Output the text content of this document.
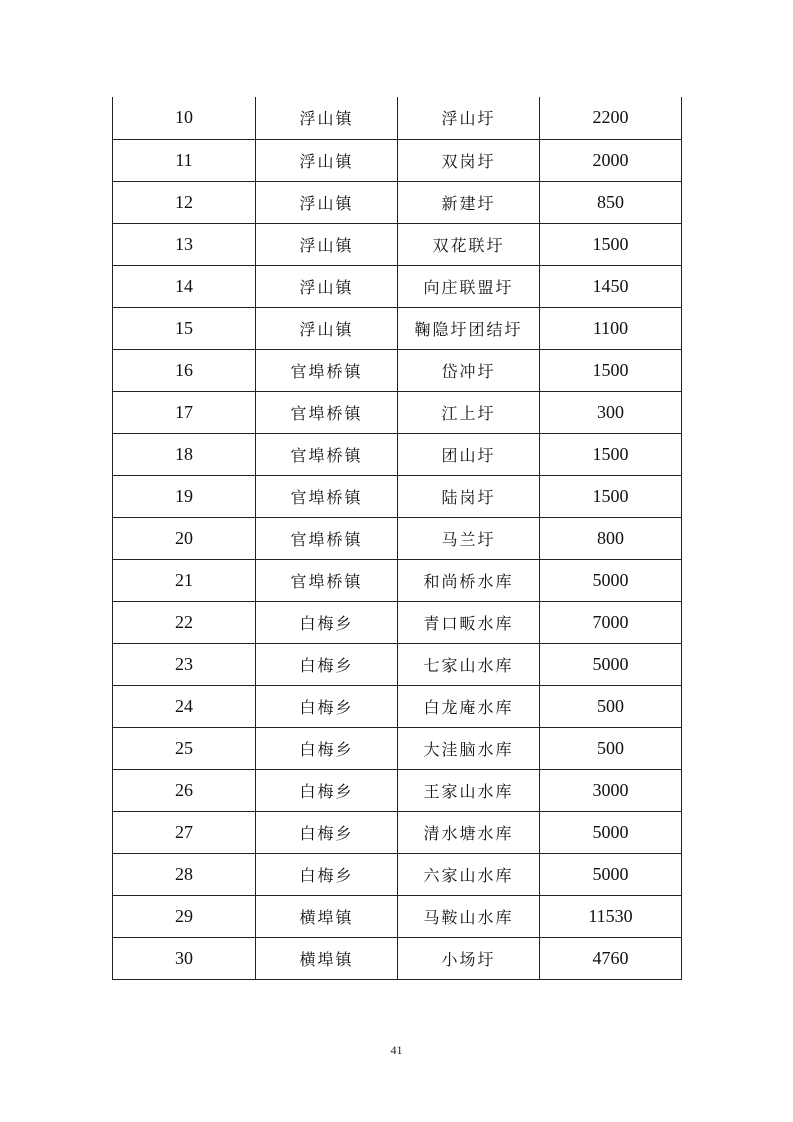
10	浮山镇	浮山圩	2200
11	浮山镇	双岗圩	2000
12	浮山镇	新建圩	850
13	浮山镇	双花联圩	1500
14	浮山镇	向庄联盟圩	1450
15	浮山镇	鞠隐圩团结圩	1100
16	官埠桥镇	岱冲圩	1500
17	官埠桥镇	江上圩	300
18	官埠桥镇	团山圩	1500
19	官埠桥镇	陆岗圩	1500
20	官埠桥镇	马兰圩	800
21	官埠桥镇	和尚桥水库	5000
22	白梅乡	青口畈水库	7000
23	白梅乡	七家山水库	5000
24	白梅乡	白龙庵水库	500
25	白梅乡	大洼脑水库	500
26	白梅乡	王家山水库	3000
27	白梅乡	清水塘水库	5000
28	白梅乡	六家山水库	5000
29	横埠镇	马鞍山水库	11530
30	横埠镇	小场圩	4760
41
